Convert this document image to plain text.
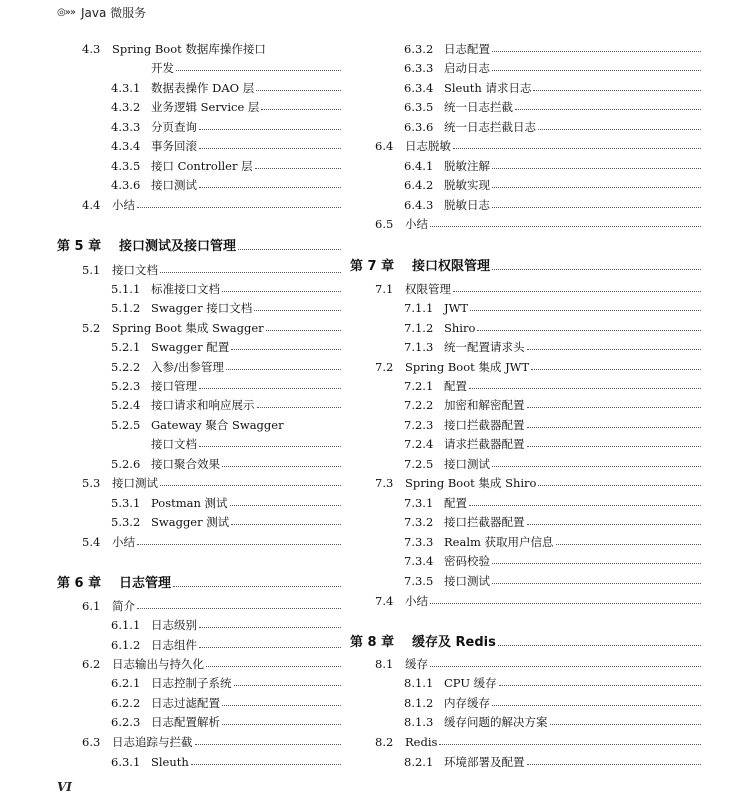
◎»» Java 微服务
4.3	Spring Boot 数据库操作接口
开发
4.3.1 数据表操作 DAO 层
4.3.2 业务逻辑 Service 层
4.3.3 分页查询
4.3.4 事务回滚
4.3.5 接口 Controller 层
4.3.6 接口测试
4.4	小结
第 5 章	接口测试及接口管理
5.1	接口文档
5.1.1 标准接口文档
5.1.2 Swagger 接口文档
5.2	Spring Boot 集成 Swagger
5.2.1 Swagger 配置
5.2.2 入参/出参管理
5.2.3 接口管理
5.2.4 接口请求和响应展示
5.2.5 Gateway 聚合 Swagger
接口文档
5.2.6 接口聚合效果
5.3	接口测试
5.3.1 Postman 测试
5.3.2 Swagger 测试
5.4	小结
第 6 章	日志管理
6.1	简介
6.1.1 日志级别
6.1.2 日志组件
6.2	日志输出与持久化
6.2.1 日志控制子系统
6.2.2 日志过滤配置
6.2.3 日志配置解析
6.3	日志追踪与拦截
6.3.1 Sleuth
6.3.2 日志配置
6.3.3 启动日志
6.3.4 Sleuth 请求日志
6.3.5 统一日志拦截
6.3.6 统一日志拦截日志
6.4	日志脱敏
6.4.1 脱敏注解
6.4.2 脱敏实现
6.4.3 脱敏日志
6.5	小结
第 7 章	接口权限管理
7.1	权限管理
7.1.1 JWT
7.1.2 Shiro
7.1.3 统一配置请求头
7.2	Spring Boot 集成 JWT
7.2.1 配置
7.2.2 加密和解密配置
7.2.3 接口拦截器配置
7.2.4 请求拦截器配置
7.2.5 接口测试
7.3	Spring Boot 集成 Shiro
7.3.1 配置
7.3.2 接口拦截器配置
7.3.3 Realm 获取用户信息
7.3.4 密码校验
7.3.5 接口测试
7.4	小结
第 8 章	缓存及 Redis
8.1	缓存
8.1.1 CPU 缓存
8.1.2 内存缓存
8.1.3 缓存问题的解决方案
8.2	Redis
8.2.1 环境部署及配置
VI
